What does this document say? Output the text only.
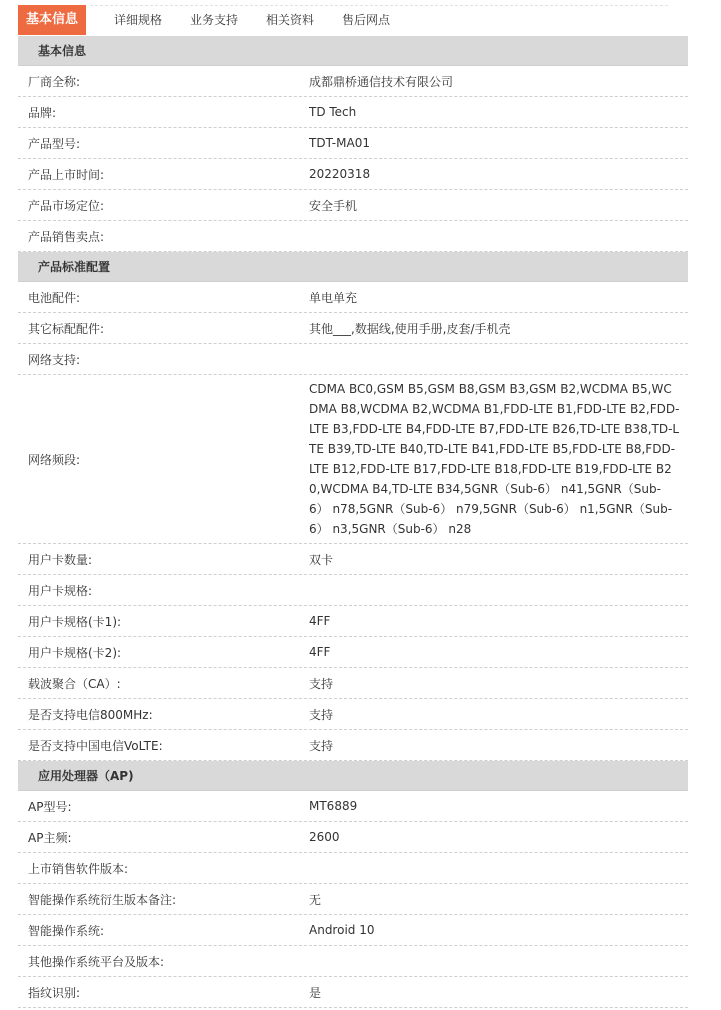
基本信息	详细规格	业务支持	相关资料	售后网点
基本信息
厂商全称:	成都鼎桥通信技术有限公司
品牌:	TD Tech
产品型号:	TDT-MA01
产品上市时间:	20220318
产品市场定位:	安全手机
产品销售卖点:
产品标准配置
电池配件:	单电单充
其它标配配件:	其他___,数据线,使用手册,皮套/手机壳
网络支持:
网络频段:
CDMA BC0,GSM B5,GSM B8,GSM B3,GSM B2,WCDMA B5,WCDMA B8,WCDMA B2,WCDMA B1,FDD-LTE B1,FDD-LTE B2,FDD-LTE B3,FDD-LTE B4,FDD-LTE B7,FDD-LTE B26,TD-LTE B38,TD-LTE B39,TD-LTE B40,TD-LTE B41,FDD-LTE B5,FDD-LTE B8,FDD-LTE B12,FDD-LTE B17,FDD-LTE B18,FDD-LTE B19,FDD-LTE B20,WCDMA B4,TD-LTE B34,5GNR（Sub-6） n41,5GNR（Sub-6） n78,5GNR（Sub-6） n79,5GNR（Sub-6） n1,5GNR（Sub-6） n3,5GNR（Sub-6） n28
用户卡数量:	双卡
用户卡规格:
用户卡规格(卡1):	4FF
用户卡规格(卡2):	4FF
载波聚合（CA）:	支持
是否支持电信800MHz:	支持
是否支持中国电信VoLTE:	支持
应用处理器（AP)
AP型号:	MT6889
AP主频:	2600
上市销售软件版本:
智能操作系统衍生版本备注:	无
智能操作系统:	Android 10
其他操作系统平台及版本:
指纹识别:	是
